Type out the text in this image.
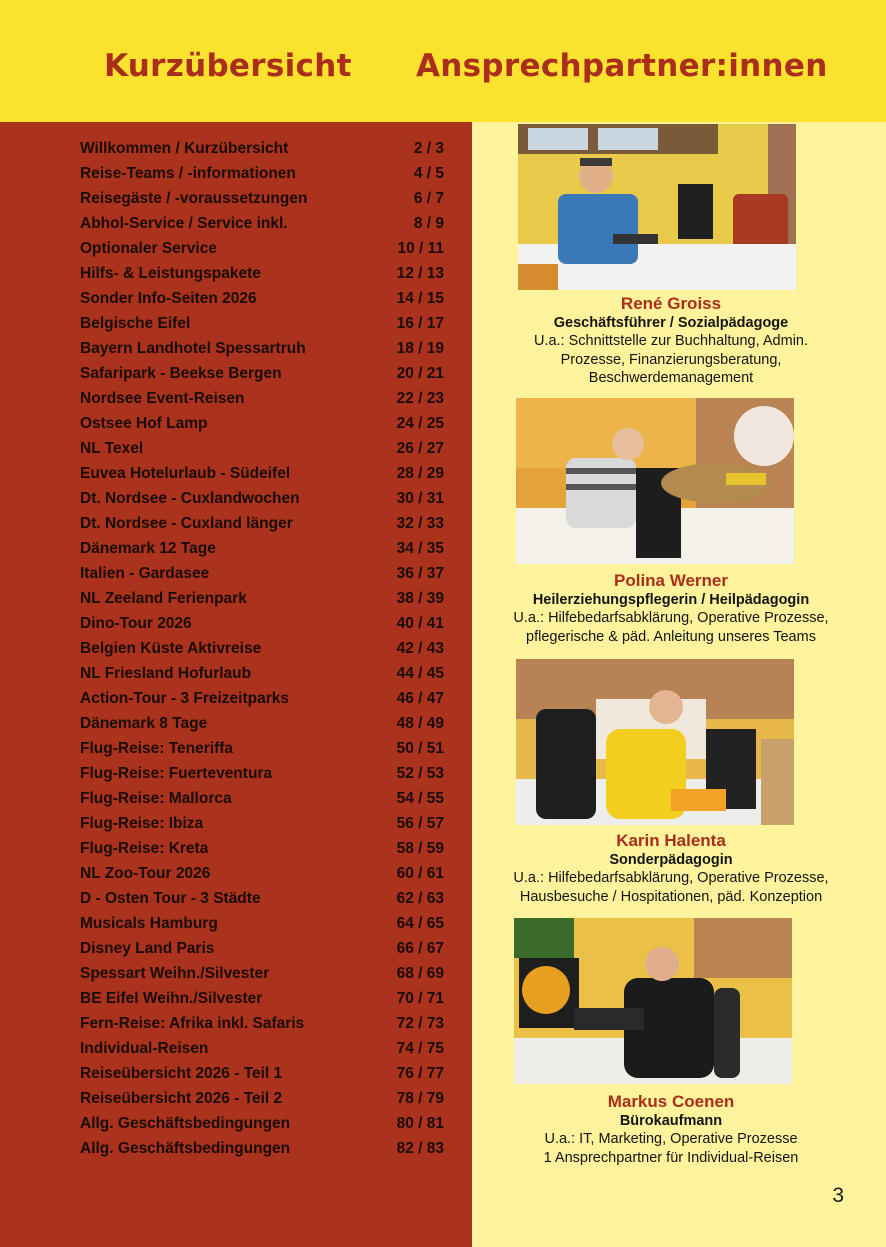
Kurzübersicht Ansprechpartner:innen
Willkommen / Kurzübersicht	2 / 3
Reise-Teams / -informationen	4 / 5
Reisegäste / -voraussetzungen	6 / 7
Abhol-Service / Service inkl.	8 / 9
Optionaler Service	10 / 11
Hilfs- & Leistungspakete	12 / 13
Sonder Info-Seiten 2026	14 / 15
Belgische Eifel	16 / 17
Bayern Landhotel Spessartruh	18 / 19
Safaripark - Beekse Bergen	20 / 21
Nordsee Event-Reisen	22 / 23
Ostsee Hof Lamp	24 / 25
NL Texel	26 / 27
Euvea Hotelurlaub - Südeifel	28 / 29
Dt. Nordsee - Cuxlandwochen	30 / 31
Dt. Nordsee - Cuxland länger	32 / 33
Dänemark 12 Tage	34 / 35
Italien - Gardasee	36 / 37
NL Zeeland Ferienpark	38 / 39
Dino-Tour 2026	40 / 41
Belgien Küste Aktivreise	42 / 43
NL Friesland Hofurlaub	44 / 45
Action-Tour - 3 Freizeitparks	46 / 47
Dänemark 8 Tage	48 / 49
Flug-Reise: Teneriffa	50 / 51
Flug-Reise: Fuerteventura	52 / 53
Flug-Reise: Mallorca	54 / 55
Flug-Reise: Ibiza	56 / 57
Flug-Reise: Kreta	58 / 59
NL Zoo-Tour 2026	60 / 61
D - Osten Tour - 3 Städte	62 / 63
Musicals Hamburg	64 / 65
Disney Land Paris	66 / 67
Spessart Weihn./Silvester	68 / 69
BE Eifel Weihn./Silvester	70 / 71
Fern-Reise: Afrika inkl. Safaris	72 / 73
Individual-Reisen	74 / 75
Reiseübersicht 2026 - Teil 1	76 / 77
Reiseübersicht 2026 - Teil 2	78 / 79
Allg. Geschäftsbedingungen	80 / 81
Allg. Geschäftsbedingungen	82 / 83
René Groiss
Geschäftsführer / Sozialpädagoge
U.a.: Schnittstelle zur Buchhaltung, Admin.
Prozesse, Finanzierungsberatung,
Beschwerdemanagement
Polina Werner
Heilerziehungspflegerin / Heilpädagogin
U.a.: Hilfebedarfsabklärung, Operative Prozesse,
pflegerische & päd. Anleitung unseres Teams
Karin Halenta
Sonderpädagogin
U.a.: Hilfebedarfsabklärung, Operative Prozesse,
Hausbesuche / Hospitationen, päd. Konzeption
Markus Coenen
Bürokaufmann
U.a.: IT, Marketing, Operative Prozesse
1 Ansprechpartner für Individual-Reisen
3
